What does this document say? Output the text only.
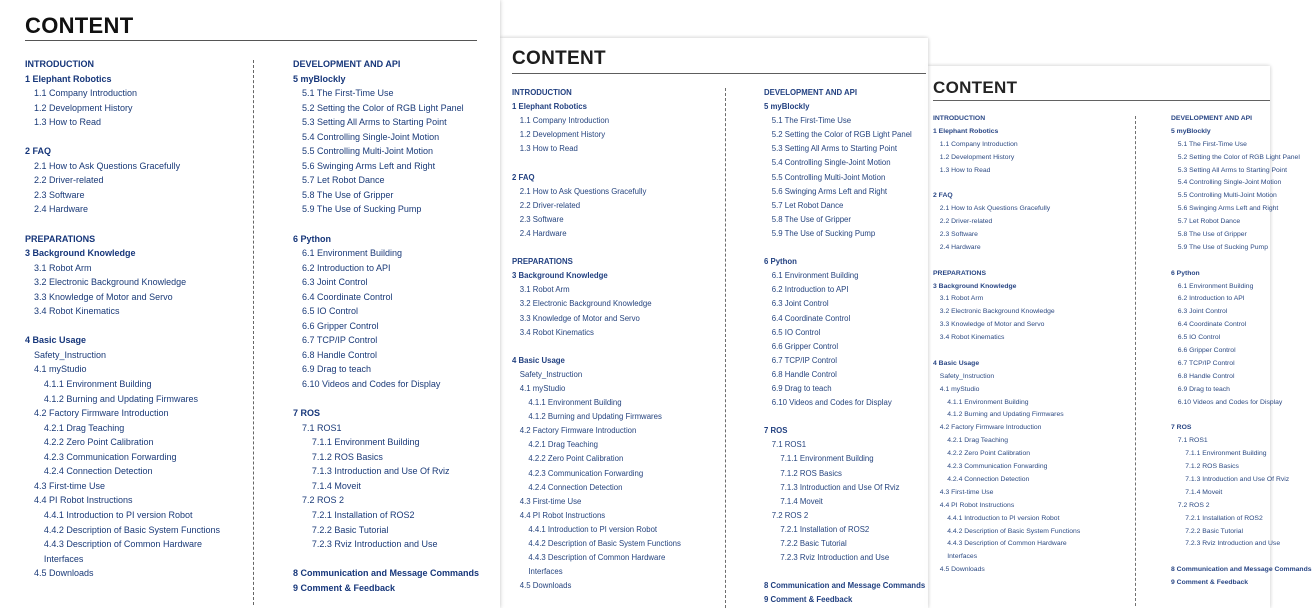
CONTENT
INTRODUCTION
1 Elephant Robotics
1.1 Company Introduction
1.2 Development History
1.3 How to Read
2 FAQ
2.1 How to Ask Questions Gracefully
2.2 Driver-related
2.3 Software
2.4 Hardware
PREPARATIONS
3 Background Knowledge
3.1 Robot Arm
3.2 Electronic Background Knowledge
3.3 Knowledge of Motor and Servo
3.4 Robot Kinematics
4 Basic Usage
Safety_Instruction
4.1 myStudio
4.1.1 Environment Building
4.1.2 Burning and Updating Firmwares
4.2 Factory Firmware Introduction
4.2.1 Drag Teaching
4.2.2 Zero Point Calibration
4.2.3 Communication Forwarding
4.2.4 Connection Detection
4.3 First-time Use
4.4 PI Robot Instructions
4.4.1 Introduction to PI version Robot
4.4.2 Description of Basic System Functions
4.4.3 Description of Common Hardware
Interfaces
4.5 Downloads
DEVELOPMENT AND API
5 myBlockly
5.1 The First-Time Use
5.2 Setting the Color of RGB Light Panel
5.3 Setting All Arms to Starting Point
5.4 Controlling Single-Joint Motion
5.5 Controlling Multi-Joint Motion
5.6 Swinging Arms Left and Right
5.7 Let Robot Dance
5.8 The Use of Gripper
5.9 The Use of Sucking Pump
6 Python
6.1 Environment Building
6.2 Introduction to API
6.3 Joint Control
6.4 Coordinate Control
6.5 IO Control
6.6 Gripper Control
6.7 TCP/IP Control
6.8 Handle Control
6.9 Drag to teach
6.10 Videos and Codes for Display
7 ROS
7.1 ROS1
7.1.1 Environment Building
7.1.2 ROS Basics
7.1.3 Introduction and Use Of Rviz
7.1.4 Moveit
7.2 ROS 2
7.2.1 Installation of ROS2
7.2.2 Basic Tutorial
7.2.3 Rviz Introduction and Use
8 Communication and Message Commands
9 Comment & Feedback
CONTENT
INTRODUCTION
1 Elephant Robotics
1.1 Company Introduction
1.2 Development History
1.3 How to Read
2 FAQ
2.1 How to Ask Questions Gracefully
2.2 Driver-related
2.3 Software
2.4 Hardware
PREPARATIONS
3 Background Knowledge
3.1 Robot Arm
3.2 Electronic Background Knowledge
3.3 Knowledge of Motor and Servo
3.4 Robot Kinematics
4 Basic Usage
Safety_Instruction
4.1 myStudio
4.1.1 Environment Building
4.1.2 Burning and Updating Firmwares
4.2 Factory Firmware Introduction
4.2.1 Drag Teaching
4.2.2 Zero Point Calibration
4.2.3 Communication Forwarding
4.2.4 Connection Detection
4.3 First-time Use
4.4 PI Robot Instructions
4.4.1 Introduction to PI version Robot
4.4.2 Description of Basic System Functions
4.4.3 Description of Common Hardware
Interfaces
4.5 Downloads
DEVELOPMENT AND API
5 myBlockly
5.1 The First-Time Use
5.2 Setting the Color of RGB Light Panel
5.3 Setting All Arms to Starting Point
5.4 Controlling Single-Joint Motion
5.5 Controlling Multi-Joint Motion
5.6 Swinging Arms Left and Right
5.7 Let Robot Dance
5.8 The Use of Gripper
5.9 The Use of Sucking Pump
6 Python
6.1 Environment Building
6.2 Introduction to API
6.3 Joint Control
6.4 Coordinate Control
6.5 IO Control
6.6 Gripper Control
6.7 TCP/IP Control
6.8 Handle Control
6.9 Drag to teach
6.10 Videos and Codes for Display
7 ROS
7.1 ROS1
7.1.1 Environment Building
7.1.2 ROS Basics
7.1.3 Introduction and Use Of Rviz
7.1.4 Moveit
7.2 ROS 2
7.2.1 Installation of ROS2
7.2.2 Basic Tutorial
7.2.3 Rviz Introduction and Use
8 Communication and Message Commands
9 Comment & Feedback
CONTENT
INTRODUCTION
1 Elephant Robotics
1.1 Company Introduction
1.2 Development History
1.3 How to Read
2 FAQ
2.1 How to Ask Questions Gracefully
2.2 Driver-related
2.3 Software
2.4 Hardware
PREPARATIONS
3 Background Knowledge
3.1 Robot Arm
3.2 Electronic Background Knowledge
3.3 Knowledge of Motor and Servo
3.4 Robot Kinematics
4 Basic Usage
Safety_Instruction
4.1 myStudio
4.1.1 Environment Building
4.1.2 Burning and Updating Firmwares
4.2 Factory Firmware Introduction
4.2.1 Drag Teaching
4.2.2 Zero Point Calibration
4.2.3 Communication Forwarding
4.2.4 Connection Detection
4.3 First-time Use
4.4 PI Robot Instructions
4.4.1 Introduction to PI version Robot
4.4.2 Description of Basic System Functions
4.4.3 Description of Common Hardware
Interfaces
4.5 Downloads
DEVELOPMENT AND API
5 myBlockly
5.1 The First-Time Use
5.2 Setting the Color of RGB Light Panel
5.3 Setting All Arms to Starting Point
5.4 Controlling Single-Joint Motion
5.5 Controlling Multi-Joint Motion
5.6 Swinging Arms Left and Right
5.7 Let Robot Dance
5.8 The Use of Gripper
5.9 The Use of Sucking Pump
6 Python
6.1 Environment Building
6.2 Introduction to API
6.3 Joint Control
6.4 Coordinate Control
6.5 IO Control
6.6 Gripper Control
6.7 TCP/IP Control
6.8 Handle Control
6.9 Drag to teach
6.10 Videos and Codes for Display
7 ROS
7.1 ROS1
7.1.1 Environment Building
7.1.2 ROS Basics
7.1.3 Introduction and Use Of Rviz
7.1.4 Moveit
7.2 ROS 2
7.2.1 Installation of ROS2
7.2.2 Basic Tutorial
7.2.3 Rviz Introduction and Use
8 Communication and Message Commands
9 Comment & Feedback
